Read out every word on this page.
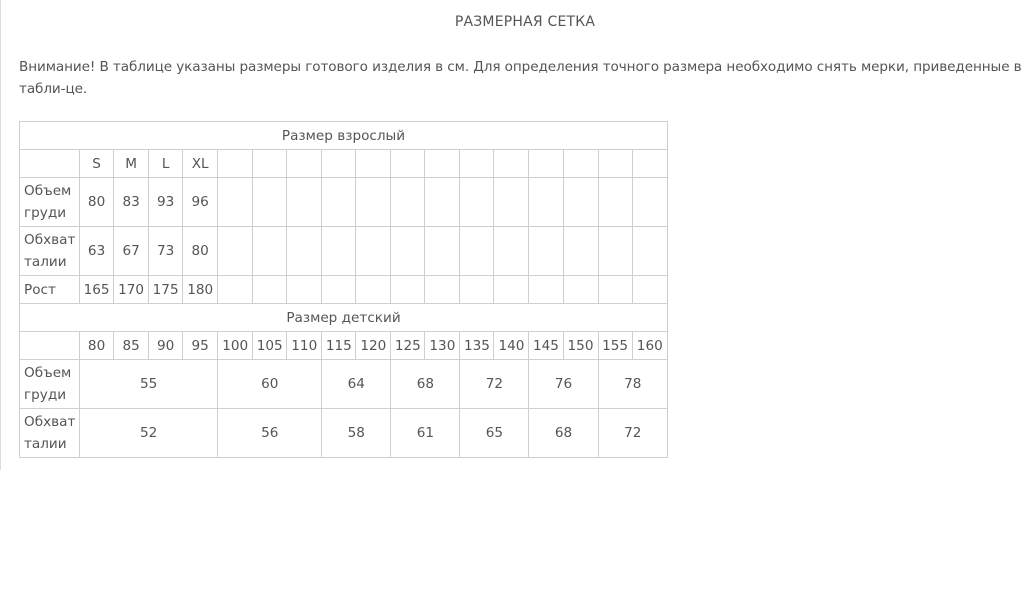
РАЗМЕРНАЯ СЕТКА
Внимание! В таблице указаны размеры готового изделия в см. Для определения точного размера необходимо снять мерки, приведенные в табли-це.
Размер взрослый																	
	S	M	L	XL													
Объем груди	80	83	93	96													
Обхват талии	63	67	73	80													
Рост	165	170	175	180													
Размер детский																	
	80	85	90	95	100	105	110	115	120	125	130	135	140	145	150	155	160
Объем груди	55				60			64		68		72		76		78	
Обхват талии	52				56			58		61		65		68		72	
